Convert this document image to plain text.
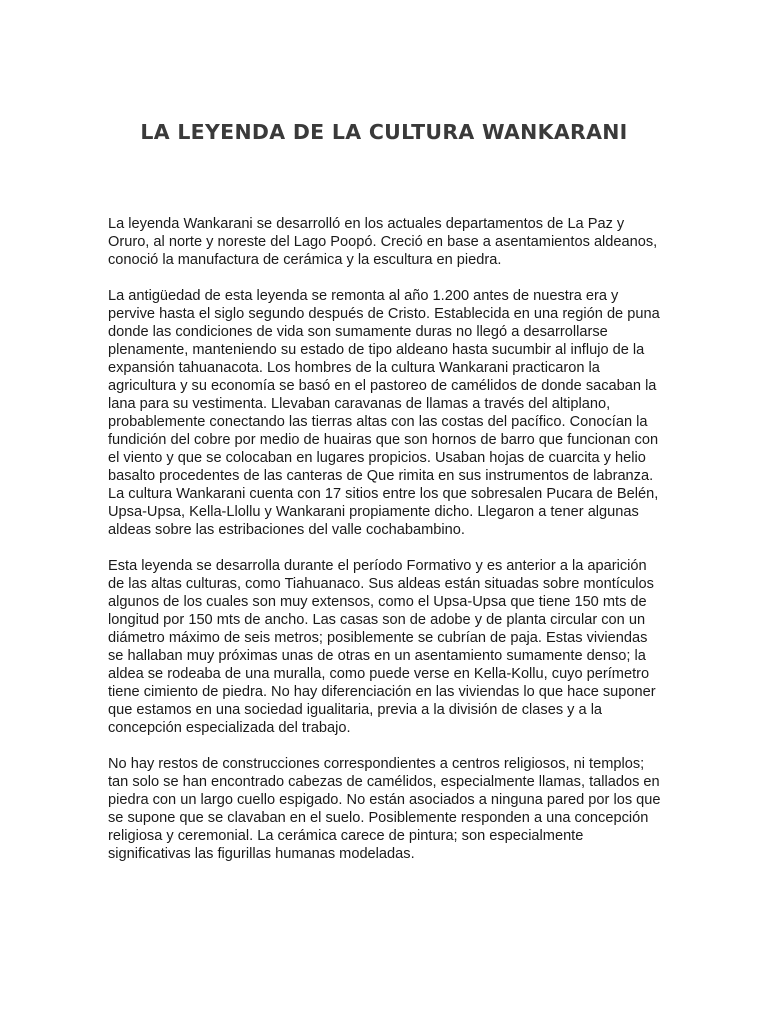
LA LEYENDA DE LA CULTURA WANKARANI

La leyenda Wankarani se desarrolló en los actuales departamentos de La Paz y Oruro, al norte y noreste del Lago Poopó. Creció en base a asentamientos aldeanos, conoció la manufactura de cerámica y la escultura en piedra.

La antigüedad de esta leyenda se remonta al año 1.200 antes de nuestra era y pervive hasta el siglo segundo después de Cristo. Establecida en una región de puna donde las condiciones de vida son sumamente duras no llegó a desarrollarse plenamente, manteniendo su estado de tipo aldeano hasta sucumbir al influjo de la expansión tahuanacota. Los hombres de la cultura Wankarani practicaron la agricultura y su economía se basó en el pastoreo de camélidos de donde sacaban la lana para su vestimenta. Llevaban caravanas de llamas a través del altiplano, probablemente conectando las tierras altas con las costas del pacífico. Conocían la fundición del cobre por medio de huairas que son hornos de barro que funcionan con el viento y que se colocaban en lugares propicios. Usaban hojas de cuarcita y helio basalto procedentes de las canteras de Que rimita en sus instrumentos de labranza. La cultura Wankarani cuenta con 17 sitios entre los que sobresalen Pucara de Belén, Upsa-Upsa, Kella-Llollu y Wankarani propiamente dicho. Llegaron a tener algunas aldeas sobre las estribaciones del valle cochabambino.

Esta leyenda se desarrolla durante el período Formativo y es anterior a la aparición de las altas culturas, como Tiahuanaco. Sus aldeas están situadas sobre montículos algunos de los cuales son muy extensos, como el Upsa-Upsa que tiene 150 mts de longitud por 150 mts de ancho. Las casas son de adobe y de planta circular con un diámetro máximo de seis metros; posiblemente se cubrían de paja. Estas viviendas se hallaban muy próximas unas de otras en un asentamiento sumamente denso; la aldea se rodeaba de una muralla, como puede verse en Kella-Kollu, cuyo perímetro tiene cimiento de piedra. No hay diferenciación en las viviendas lo que hace suponer que estamos en una sociedad igualitaria, previa a la división de clases y a la concepción especializada del trabajo.

No hay restos de construcciones correspondientes a centros religiosos, ni templos; tan solo se han encontrado cabezas de camélidos, especialmente llamas, tallados en piedra con un largo cuello espigado. No están asociados a ninguna pared por los que se supone que se clavaban en el suelo. Posiblemente responden a una concepción religiosa y ceremonial. La cerámica carece de pintura; son especialmente significativas las figurillas humanas modeladas.
